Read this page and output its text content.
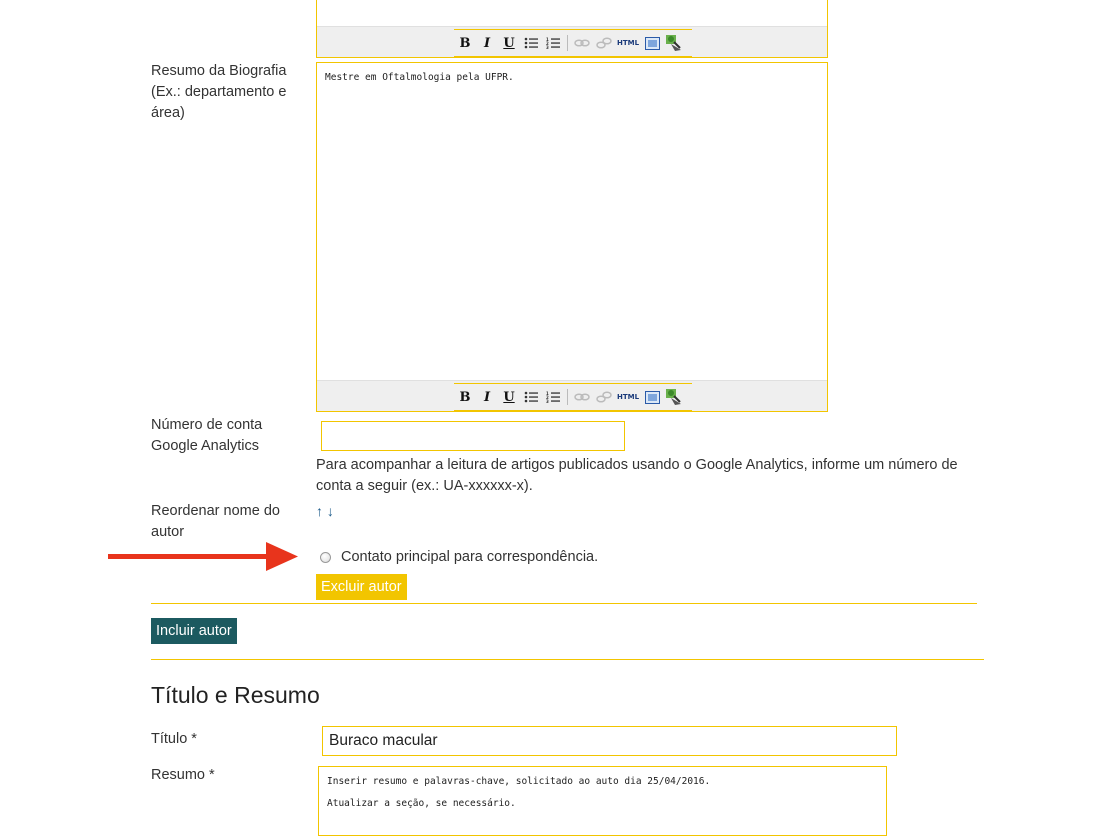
B	I	U	1
2
3
HTML
Resumo da Biografia (Ex.: departamento e área)
Mestre em Oftalmologia pela UFPR.
B	I	U	1
2
3
HTML
Número de conta Google Analytics
Para acompanhar a leitura de artigos publicados usando o Google Analytics, informe um número de conta a seguir (ex.: UA-xxxxxx-x).
Reordenar nome do autor
↑ ↓
Contato principal para correspondência.
Excluir autor
Incluir autor
Título e Resumo
Título *
Buraco macular
Resumo *	Inserir resumo e palavras-chave, solicitado ao auto dia 25/04/2016.
Atualizar a seção, se necessário.
